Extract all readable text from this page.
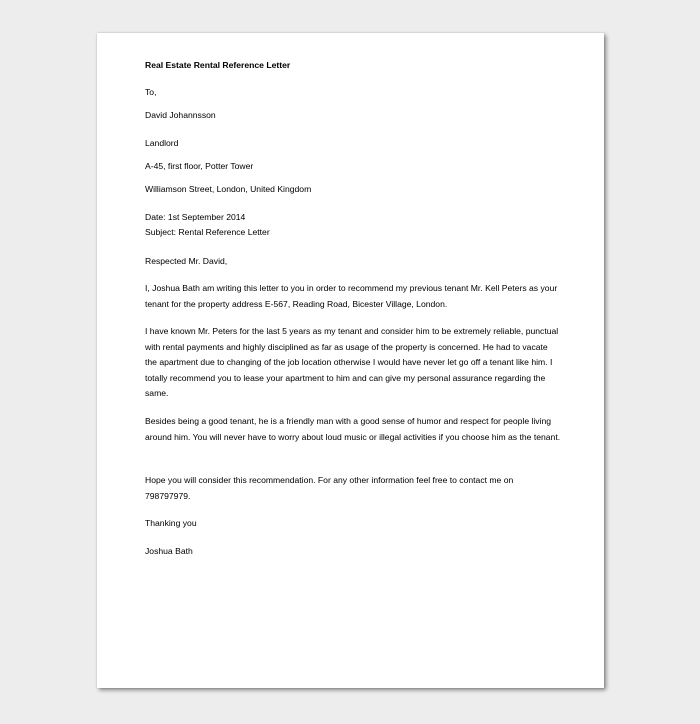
Real Estate Rental Reference Letter
To,
David Johannsson
Landlord
A-45, first floor, Potter Tower
Williamson Street, London, United Kingdom
Date: 1st September 2014
Subject: Rental Reference Letter
Respected Mr. David,
I, Joshua Bath am writing this letter to you in order to recommend my previous tenant Mr. Kell Peters as your tenant for the property address E-567, Reading Road, Bicester Village, London.
I have known Mr. Peters for the last 5 years as my tenant and consider him to be extremely reliable, punctual with rental payments and highly disciplined as far as usage of the property is concerned. He had to vacate the apartment due to changing of the job location otherwise I would have never let go off a tenant like him. I totally recommend you to lease your apartment to him and can give my personal assurance regarding the same.
Besides being a good tenant, he is a friendly man with a good sense of humor and respect for people living around him. You will never have to worry about loud music or illegal activities if you choose him as the tenant.
Hope you will consider this recommendation. For any other information feel free to contact me on 798797979.
Thanking you
Joshua Bath
